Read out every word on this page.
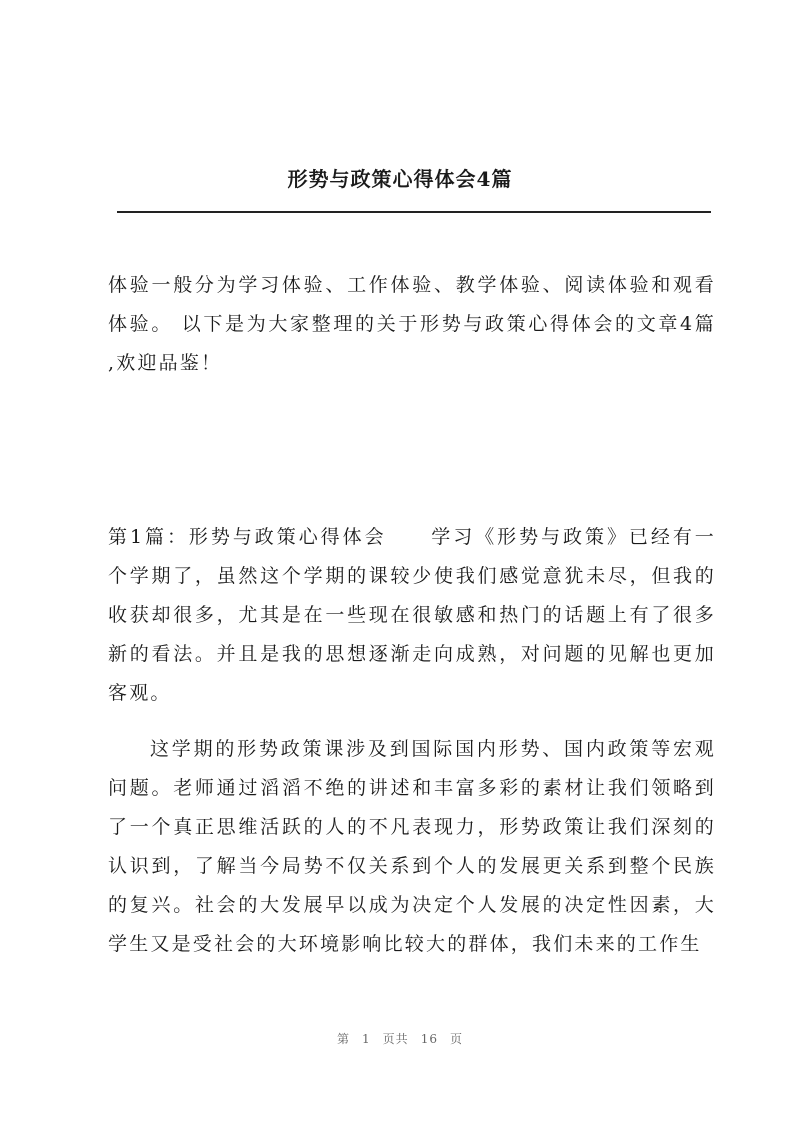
形势与政策心得体会4篇

体验一般分为学习体验、工作体验、教学体验、阅读体验和观看体验。 以下是为大家整理的关于形势与政策心得体会的文章4篇 ,欢迎品鉴！

第1篇：形势与政策心得体会 学习《形势与政策》已经有一个学期了，虽然这个学期的课较少使我们感觉意犹未尽，但我的收获却很多，尤其是在一些现在很敏感和热门的话题上有了很多新的看法。并且是我的思想逐渐走向成熟，对问题的见解也更加客观。

这学期的形势政策课涉及到国际国内形势、国内政策等宏观问题。老师通过滔滔不绝的讲述和丰富多彩的素材让我们领略到了一个真正思维活跃的人的不凡表现力，形势政策让我们深刻的认识到，了解当今局势不仅关系到个人的发展更关系到整个民族的复兴。社会的大发展早以成为决定个人发展的决定性因素，大学生又是受社会的大环境影响比较大的群体，我们未来的工作生

第 1 页共 16 页
